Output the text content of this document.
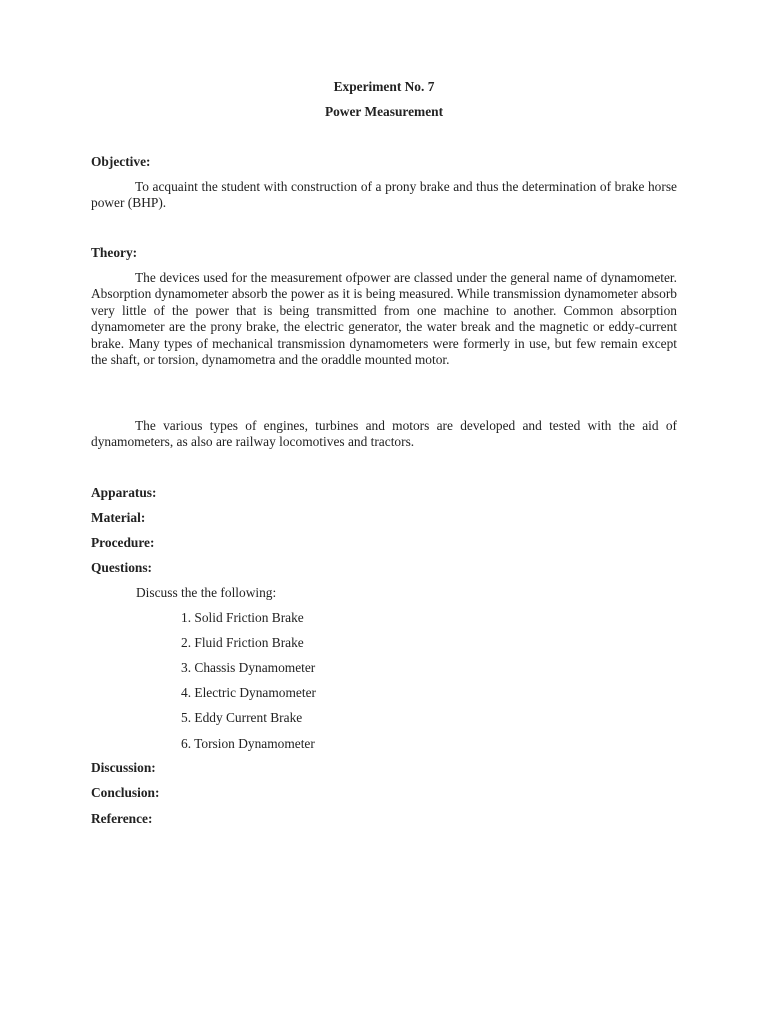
Experiment No. 7
Power Measurement
Objective:
To acquaint the student with construction of a prony brake and thus the determination of brake horse power (BHP).
Theory:
The devices used for the measurement ofpower are classed under the general name of dynamometer. Absorption dynamometer absorb the power as it is being measured. While transmission dynamometer absorb very little of the power that is being transmitted from one machine to another. Common absorption dynamometer are the prony brake, the electric generator, the water break and the magnetic or eddy-current brake. Many types of mechanical transmission dynamometers were formerly in use, but few remain except the shaft, or torsion, dynamometra and the oraddle mounted motor.
The various types of engines, turbines and motors are developed and tested with the aid of dynamometers, as also are railway locomotives and tractors.
Apparatus:
Material:
Procedure:
Questions:
Discuss the the following:
1. Solid Friction Brake
2. Fluid Friction Brake
3. Chassis Dynamometer
4. Electric Dynamometer
5. Eddy Current Brake
6. Torsion Dynamometer
Discussion:
Conclusion:
Reference:
